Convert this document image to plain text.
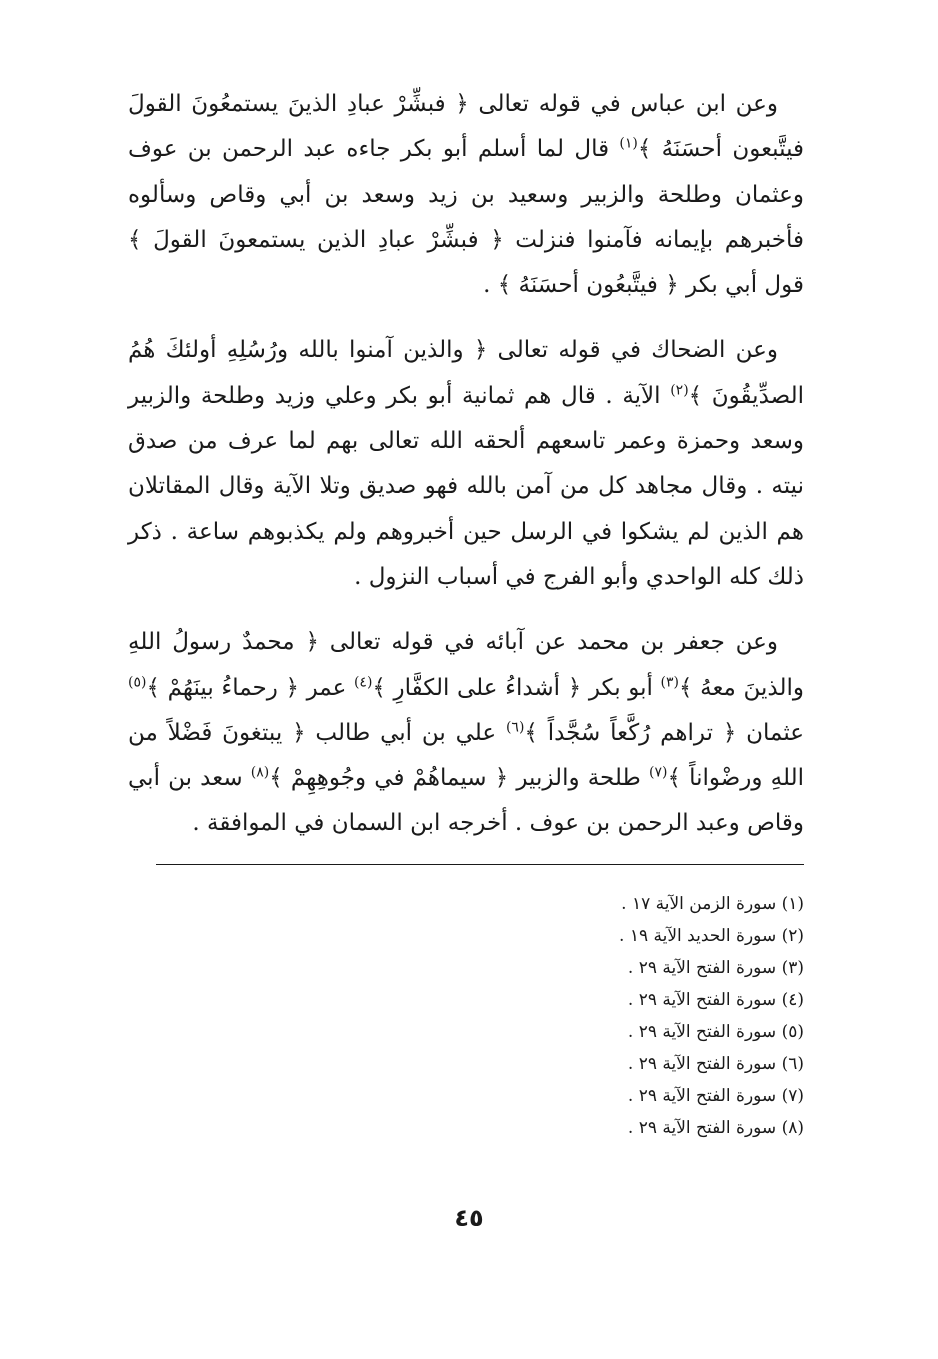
وعن ابن عباس في قوله تعالى ﴿ فبشِّرْ عبادِ الذينَ يستمعُونَ القولَ فيتَّبعون أحسَنَهُ ﴾$^{(١)}$ قال لما أسلم أبو بكر جاءه عبد الرحمن بن عوف وعثمان وطلحة والزبير وسعيد بن زيد وسعد بن أبي وقاص وسألوه فأخبرهم بإيمانه فآمنوا فنزلت ﴿ فبشِّرْ عبادِ الذين يستمعونَ القولَ ﴾ قول أبي بكر ﴿ فيتَّبعُون أحسَنَهُ ﴾ .

وعن الضحاك في قوله تعالى ﴿ والذين آمنوا بالله ورُسُلِهِ أولئكَ هُمُ الصدِّيقُونَ ﴾$^{(٢)}$ الآية . قال هم ثمانية أبو بكر وعلي وزيد وطلحة والزبير وسعد وحمزة وعمر تاسعهم ألحقه الله تعالى بهم لما عرف من صدق نيته . وقال مجاهد كل من آمن بالله فهو صديق وتلا الآية وقال المقاتلان هم الذين لم يشكوا في الرسل حين أخبروهم ولم يكذبوهم ساعة . ذكر ذلك كله الواحدي وأبو الفرج في أسباب النزول .

وعن جعفر بن محمد عن آبائه في قوله تعالى ﴿ محمدٌ رسولُ اللهِ والذينَ معهُ ﴾$^{(٣)}$ أبو بكر ﴿ أشداءُ على الكفَّارِ ﴾$^{(٤)}$ عمر ﴿ رحماءُ بينَهُمْ ﴾$^{(٥)}$ عثمان ﴿ تراهم رُكَّعاً سُجَّداً ﴾$^{(٦)}$ علي بن أبي طالب ﴿ يبتغونَ فَضْلاً من اللهِ ورضْواناً ﴾$^{(٧)}$ طلحة والزبير ﴿ سيماهُمْ في وجُوهِهِمْ ﴾$^{(٨)}$ سعد بن أبي وقاص وعبد الرحمن بن عوف . أخرجه ابن السمان في الموافقة .

(١) سورة الزمن الآية ١٧ .
(٢) سورة الحديد الآية ١٩ .
(٣) سورة الفتح الآية ٢٩ .
(٤) سورة الفتح الآية ٢٩ .
(٥) سورة الفتح الآية ٢٩ .
(٦) سورة الفتح الآية ٢٩ .
(٧) سورة الفتح الآية ٢٩ .
(٨) سورة الفتح الآية ٢٩ .
٤٥
